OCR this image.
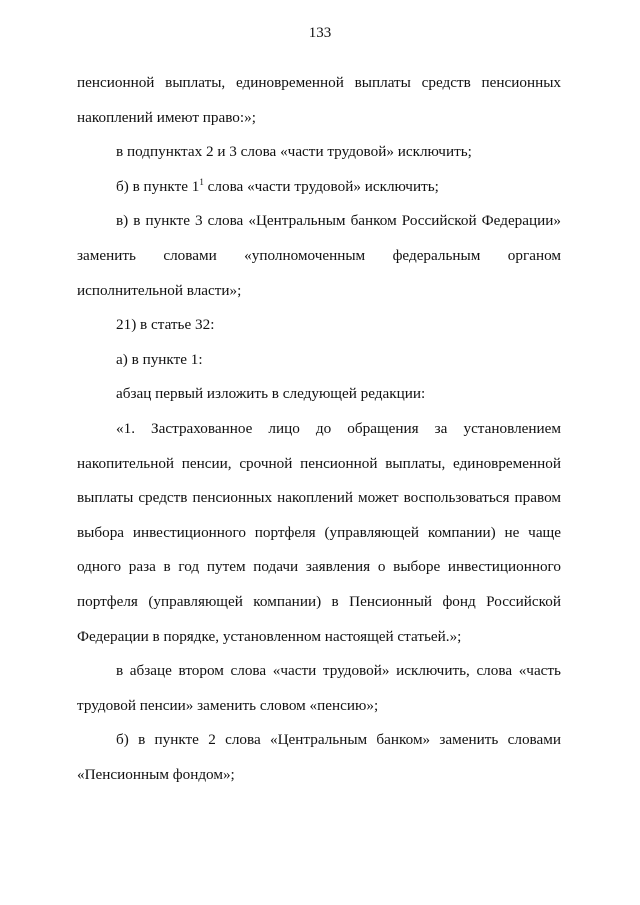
133

пенсионной выплаты, единовременной выплаты средств пенсионных накоплений имеют право:»;

в подпунктах 2 и 3 слова «части трудовой» исключить;

б) в пункте $1^1$ слова «части трудовой» исключить;

в) в пункте 3 слова «Центральным банком Российской Федерации» заменить словами «уполномоченным федеральным органом исполнительной власти»;

21) в статье 32:

а) в пункте 1:

абзац первый изложить в следующей редакции:

«1. Застрахованное лицо до обращения за установлением накопительной пенсии, срочной пенсионной выплаты, единовременной выплаты средств пенсионных накоплений может воспользоваться правом выбора инвестиционного портфеля (управляющей компании) не чаще одного раза в год путем подачи заявления о выборе инвестиционного портфеля (управляющей компании) в Пенсионный фонд Российской Федерации в порядке, установленном настоящей статьей.»;

в абзаце втором слова «части трудовой» исключить, слова «часть трудовой пенсии» заменить словом «пенсию»;

б) в пункте 2 слова «Центральным банком» заменить словами «Пенсионным фондом»;
